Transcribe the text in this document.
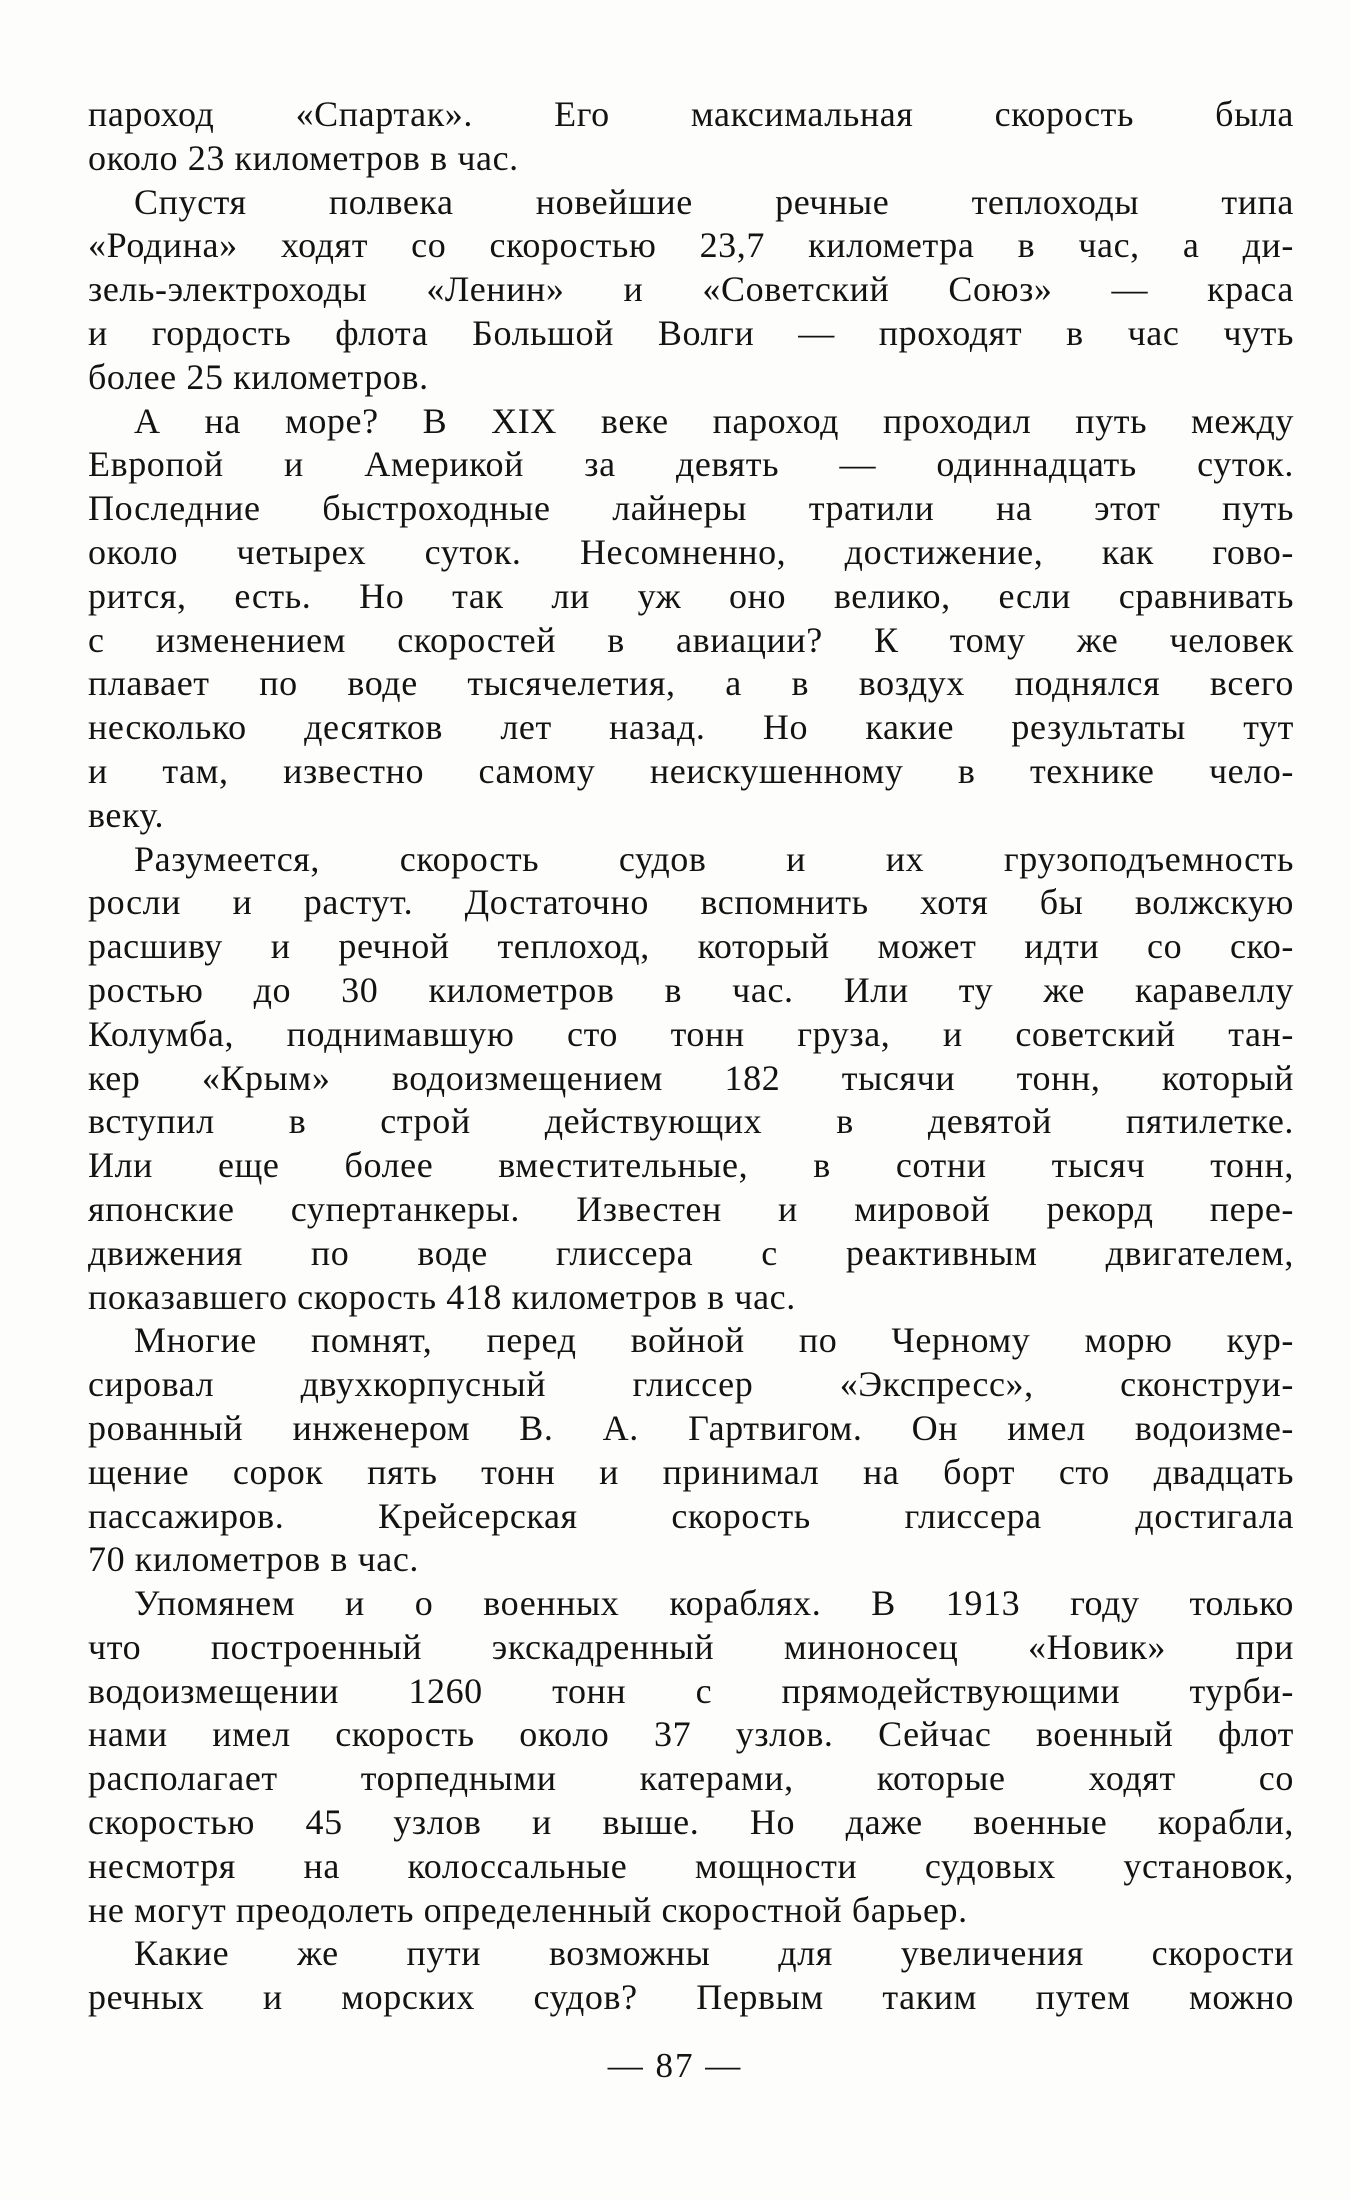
пароход «Спартак». Его максимальная скорость была
около 23 километров в час.
Спустя полвека новейшие речные теплоходы типа
«Родина» ходят со скоростью 23,7 километра в час, а ди-
зель-электроходы «Ленин» и «Советский Союз» — краса
и гордость флота Большой Волги — проходят в час чуть
более 25 километров.
А на море? В XIX веке пароход проходил путь между
Европой и Америкой за девять — одиннадцать суток.
Последние быстроходные лайнеры тратили на этот путь
около четырех суток. Несомненно, достижение, как гово-
рится, есть. Но так ли уж оно велико, если сравнивать
с изменением скоростей в авиации? К тому же человек
плавает по воде тысячелетия, а в воздух поднялся всего
несколько десятков лет назад. Но какие результаты тут
и там, известно самому неискушенному в технике чело-
веку.
Разумеется, скорость судов и их грузоподъемность
росли и растут. Достаточно вспомнить хотя бы волжскую
расшиву и речной теплоход, который может идти со ско-
ростью до 30 километров в час. Или ту же каравеллу
Колумба, поднимавшую сто тонн груза, и советский тан-
кер «Крым» водоизмещением 182 тысячи тонн, который
вступил в строй действующих в девятой пятилетке.
Или еще более вместительные, в сотни тысяч тонн,
японские супертанкеры. Известен и мировой рекорд пере-
движения по воде глиссера с реактивным двигателем,
показавшего скорость 418 километров в час.
Многие помнят, перед войной по Черному морю кур-
сировал двухкорпусный глиссер «Экспресс», сконструи-
рованный инженером В. А. Гартвигом. Он имел водоизме-
щение сорок пять тонн и принимал на борт сто двадцать
пассажиров. Крейсерская скорость глиссера достигала
70 километров в час.
Упомянем и о военных кораблях. В 1913 году только
что построенный экскадренный миноносец «Новик» при
водоизмещении 1260 тонн с прямодействующими турби-
нами имел скорость около 37 узлов. Сейчас военный флот
располагает торпедными катерами, которые ходят со
скоростью 45 узлов и выше. Но даже военные корабли,
несмотря на колоссальные мощности судовых установок,
не могут преодолеть определенный скоростной барьер.
Какие же пути возможны для увеличения скорости
речных и морских судов? Первым таким путем можно
— 87 —
